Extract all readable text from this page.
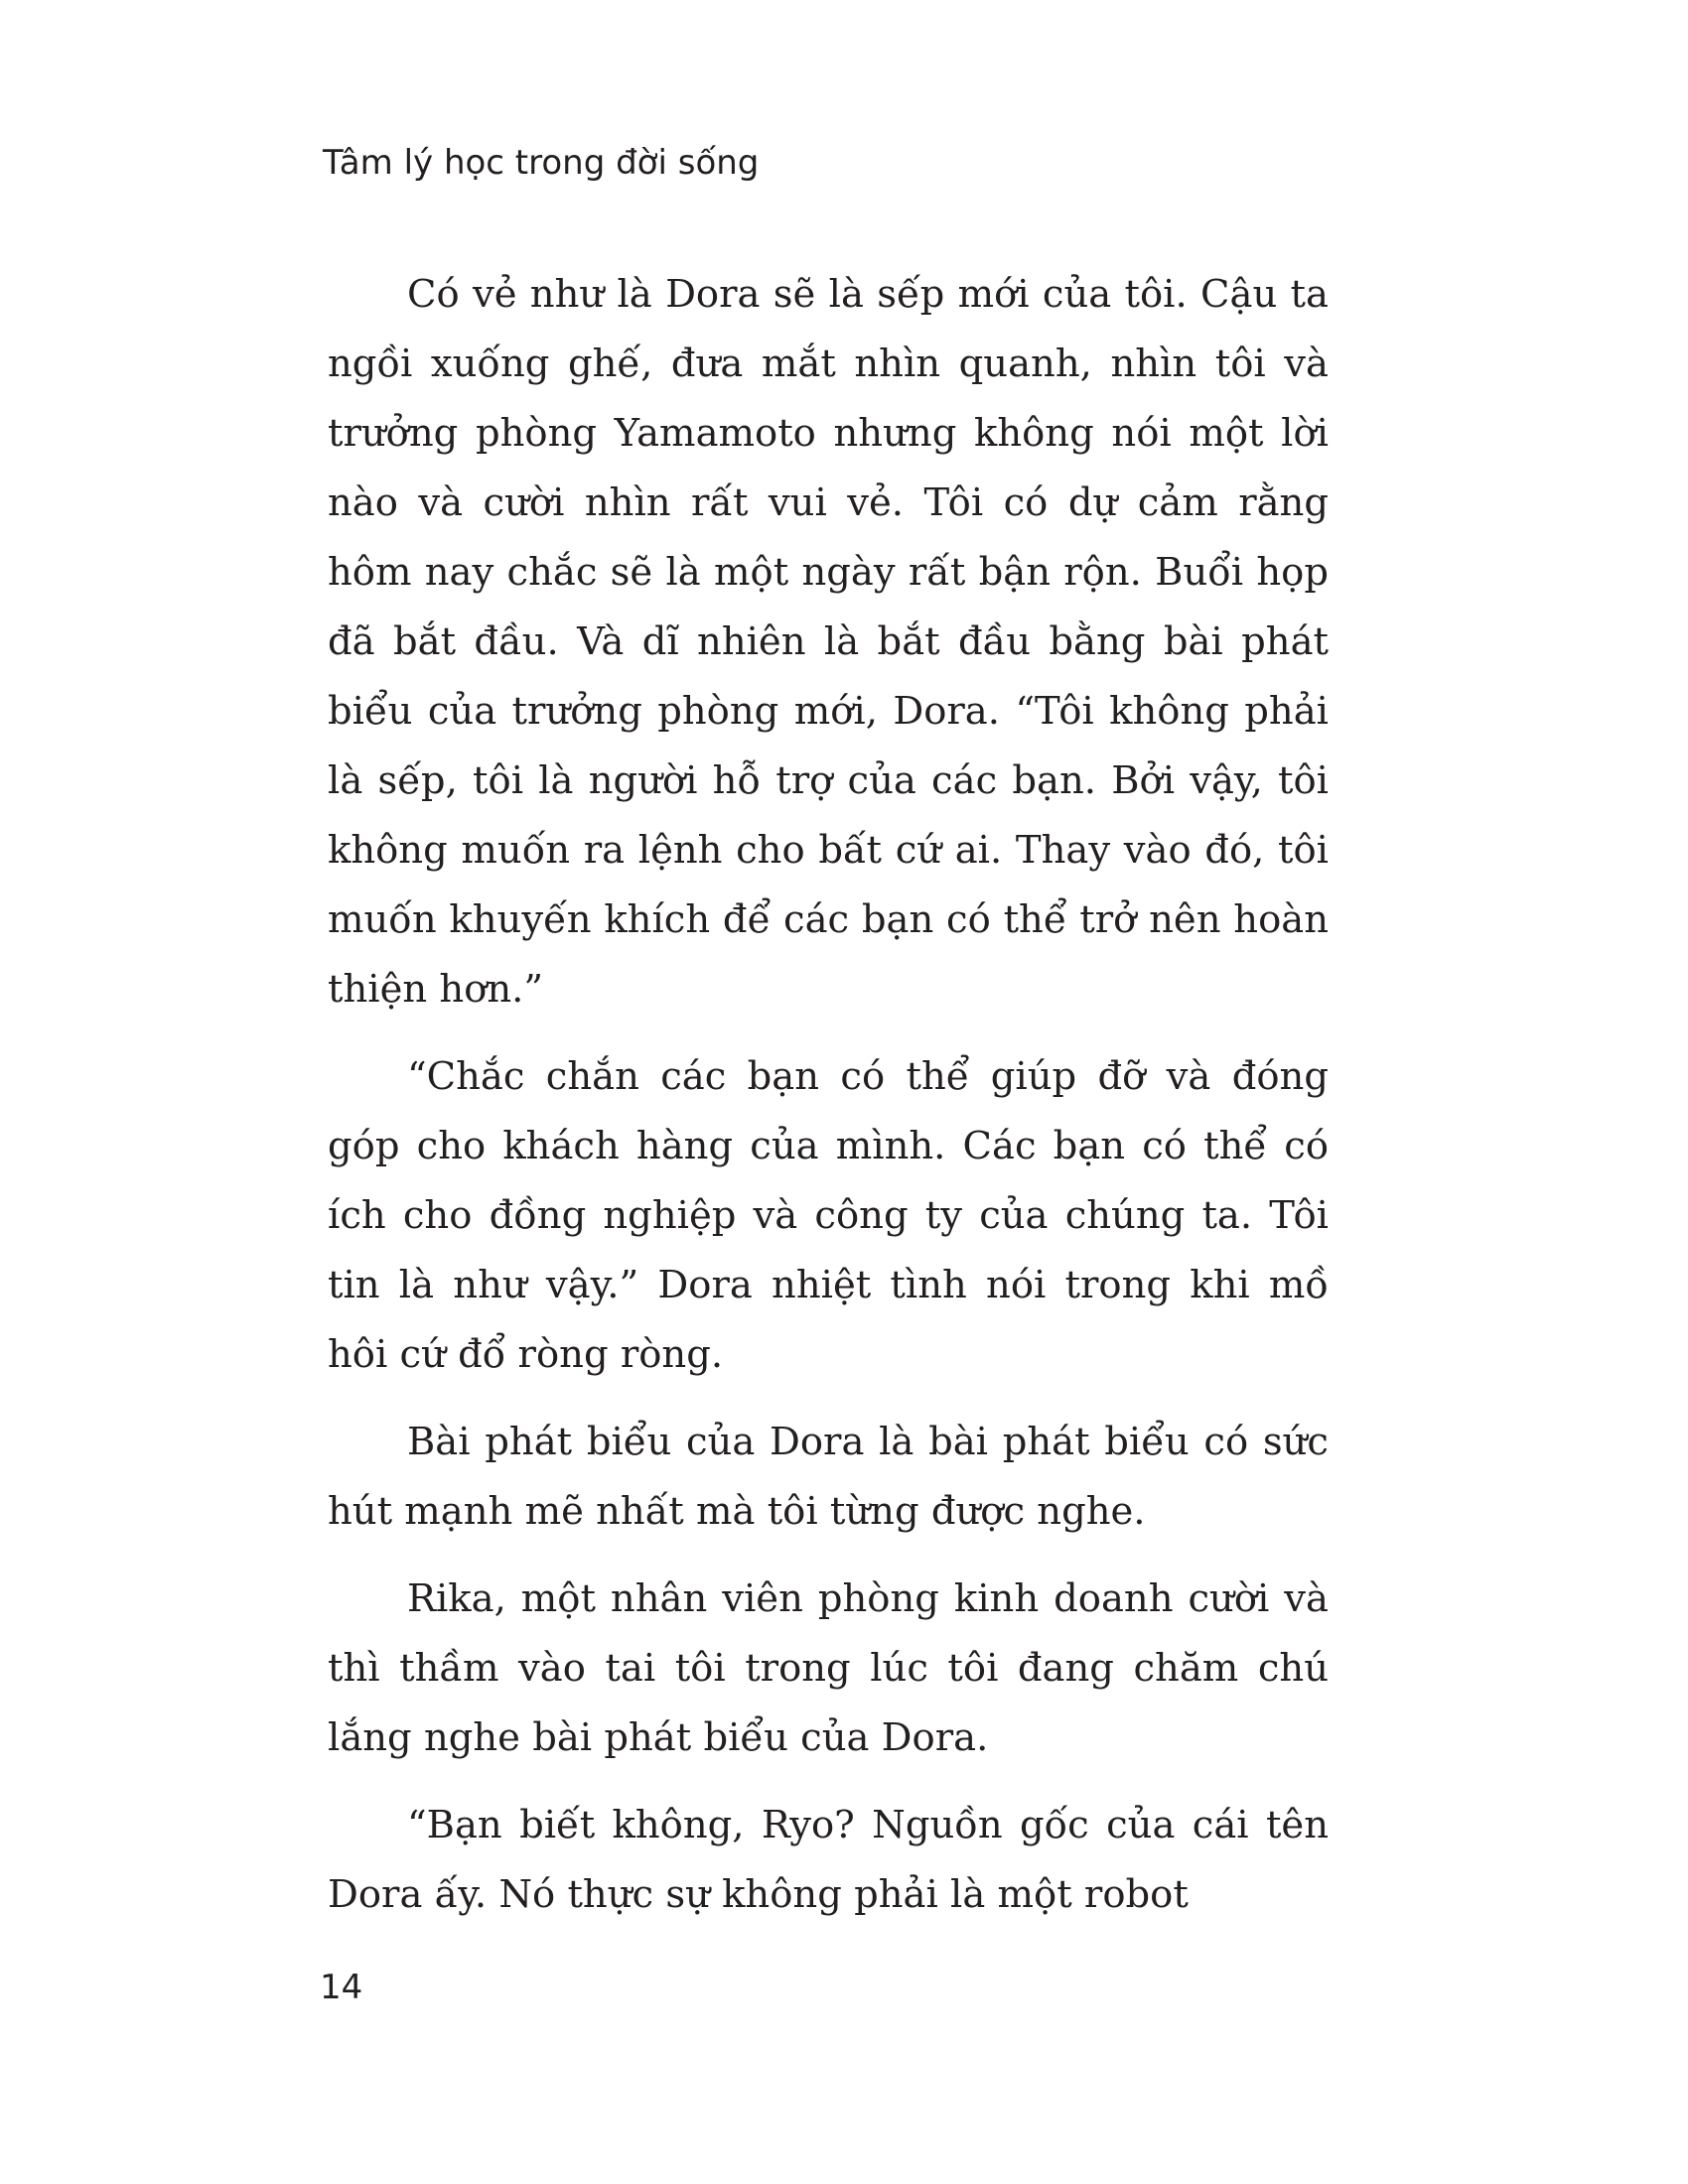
Tâm lý học trong đời sống

Có vẻ như là Dora sẽ là sếp mới của tôi. Cậu ta ngồi xuống ghế, đưa mắt nhìn quanh, nhìn tôi và trưởng phòng Yamamoto nhưng không nói một lời nào và cười nhìn rất vui vẻ. Tôi có dự cảm rằng hôm nay chắc sẽ là một ngày rất bận rộn. Buổi họp đã bắt đầu. Và dĩ nhiên là bắt đầu bằng bài phát biểu của trưởng phòng mới, Dora. “Tôi không phải là sếp, tôi là người hỗ trợ của các bạn. Bởi vậy, tôi không muốn ra lệnh cho bất cứ ai. Thay vào đó, tôi muốn khuyến khích để các bạn có thể trở nên hoàn thiện hơn.”

“Chắc chắn các bạn có thể giúp đỡ và đóng góp cho khách hàng của mình. Các bạn có thể có ích cho đồng nghiệp và công ty của chúng ta. Tôi tin là như vậy.” Dora nhiệt tình nói trong khi mồ hôi cứ đổ ròng ròng.

Bài phát biểu của Dora là bài phát biểu có sức hút mạnh mẽ nhất mà tôi từng được nghe.

Rika, một nhân viên phòng kinh doanh cười và thì thầm vào tai tôi trong lúc tôi đang chăm chú lắng nghe bài phát biểu của Dora.

“Bạn biết không, Ryo? Nguồn gốc của cái tên Dora ấy. Nó thực sự không phải là một robot

14
